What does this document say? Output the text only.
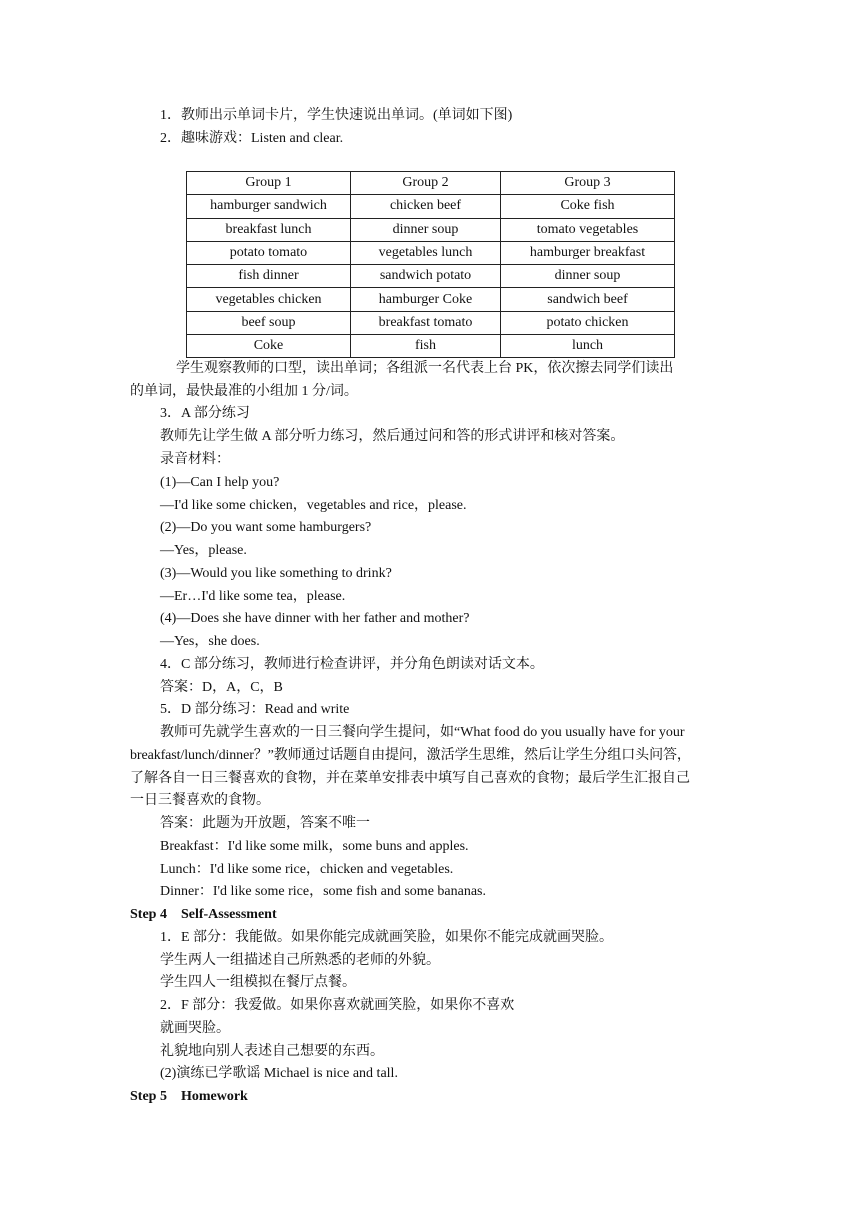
1．教师出示单词卡片，学生快速说出单词。(单词如下图)
2．趣味游戏：Listen and clear.
Group 1	Group 2	Group 3
hamburger sandwich	chicken beef	Coke fish
breakfast lunch	dinner soup	tomato vegetables
potato tomato	vegetables lunch	hamburger breakfast
fish dinner	sandwich potato	dinner soup
vegetables chicken	hamburger Coke	sandwich beef
beef soup	breakfast tomato	potato chicken
Coke	fish	lunch
学生观察教师的口型，读出单词；各组派一名代表上台 PK，依次擦去同学们读出
的单词，最快最准的小组加 1 分/词。
3．A 部分练习
教师先让学生做 A 部分听力练习，然后通过问和答的形式讲评和核对答案。
录音材料：
(1)—Can I help you?
—I'd like some chicken，vegetables and rice，please.
(2)—Do you want some hamburgers?
—Yes，please.
(3)—Would you like something to drink?
—Er…I'd like some tea，please.
(4)—Does she have dinner with her father and mother?
—Yes，she does.
4．C 部分练习，教师进行检查讲评，并分角色朗读对话文本。
答案：D，A，C，B
5．D 部分练习：Read and write
教师可先就学生喜欢的一日三餐向学生提问，如“What food do you usually have for your
breakfast/lunch/dinner？”教师通过话题自由提问，激活学生思维，然后让学生分组口头问答，
了解各自一日三餐喜欢的食物，并在菜单安排表中填写自己喜欢的食物；最后学生汇报自己
一日三餐喜欢的食物。
答案：此题为开放题，答案不唯一
Breakfast：I'd like some milk，some buns and apples.
Lunch：I'd like some rice，chicken and vegetables.
Dinner：I'd like some rice，some fish and some bananas.
Step 4　Self-Assessment
1．E 部分：我能做。如果你能完成就画笑脸，如果你不能完成就画哭脸。
学生两人一组描述自己所熟悉的老师的外貌。
学生四人一组模拟在餐厅点餐。
2．F 部分：我爱做。如果你喜欢就画笑脸，如果你不喜欢
就画哭脸。
礼貌地向别人表述自己想要的东西。
(2)演练已学歌谣 Michael is nice and tall.
Step 5　Homework
